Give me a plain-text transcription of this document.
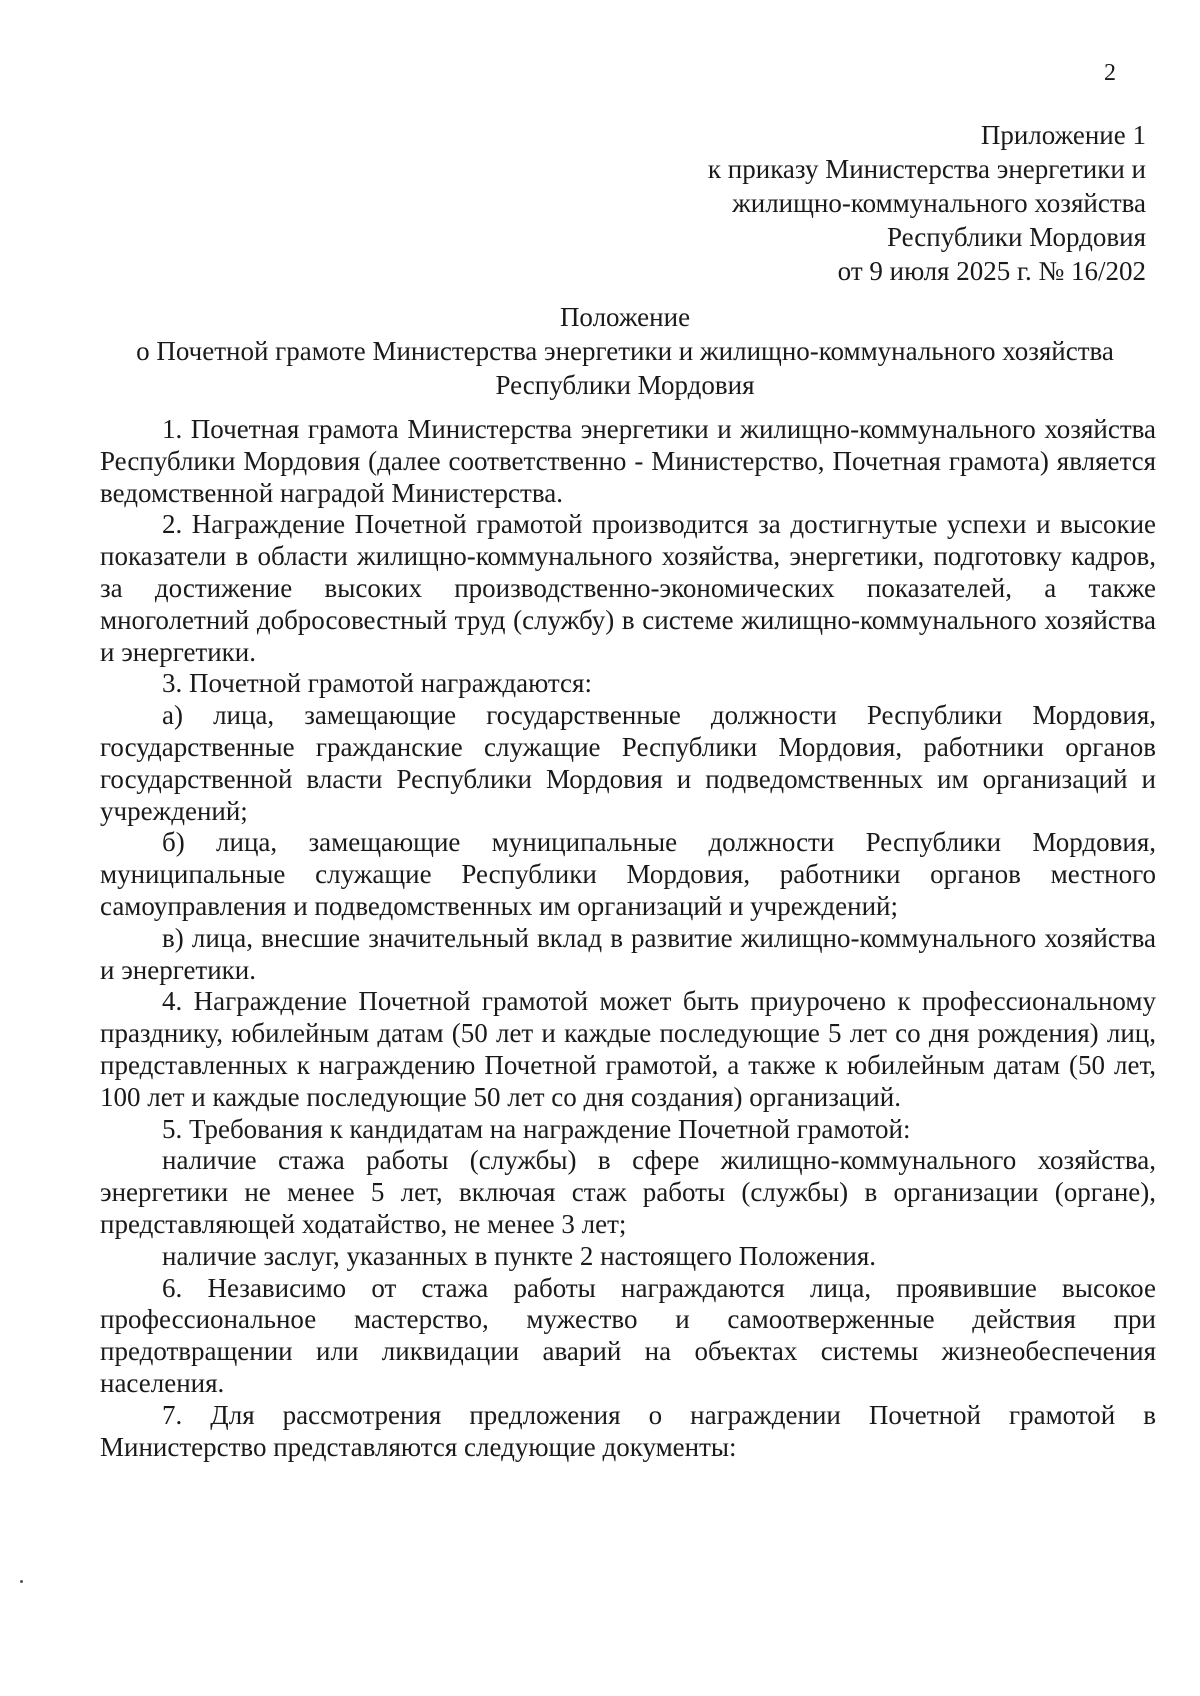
2
Приложение 1
к приказу Министерства энергетики и
жилищно-коммунального хозяйства
Республики Мордовия
от 9 июля 2025 г. № 16/202
Положение
о Почетной грамоте Министерства энергетики и жилищно-коммунального хозяйства
Республики Мордовия

1. Почетная грамота Министерства энергетики и жилищно-коммунального хозяйства Республики Мордовия (далее соответственно - Министерство, Почетная грамота) является ведомственной наградой Министерства.

2. Награждение Почетной грамотой производится за достигнутые успехи и высокие показатели в области жилищно-коммунального хозяйства, энергетики, подготовку кадров, за достижение высоких производственно-экономических показателей, а также многолетний добросовестный труд (службу) в системе жилищно-коммунального хозяйства и энергетики.

3. Почетной грамотой награждаются:

а) лица, замещающие государственные должности Республики Мордовия, государственные гражданские служащие Республики Мордовия, работники органов государственной власти Республики Мордовия и подведомственных им организаций и учреждений;

б) лица, замещающие муниципальные должности Республики Мордовия, муниципальные служащие Республики Мордовия, работники органов местного самоуправления и подведомственных им организаций и учреждений;

в) лица, внесшие значительный вклад в развитие жилищно-коммунального хозяйства и энергетики.

4. Награждение Почетной грамотой может быть приурочено к профессиональному празднику, юбилейным датам (50 лет и каждые последующие 5 лет со дня рождения) лиц, представленных к награждению Почетной грамотой, а также к юбилейным датам (50 лет, 100 лет и каждые последующие 50 лет со дня создания) организаций.

5. Требования к кандидатам на награждение Почетной грамотой:

наличие стажа работы (службы) в сфере жилищно-коммунального хозяйства, энергетики не менее 5 лет, включая стаж работы (службы) в организации (органе), представляющей ходатайство, не менее 3 лет;

наличие заслуг, указанных в пункте 2 настоящего Положения.

6. Независимо от стажа работы награждаются лица, проявившие высокое профессиональное мастерство, мужество и самоотверженные действия при предотвращении или ликвидации аварий на объектах системы жизнеобеспечения населения.

7. Для рассмотрения предложения о награждении Почетной грамотой в Министерство представляются следующие документы:
